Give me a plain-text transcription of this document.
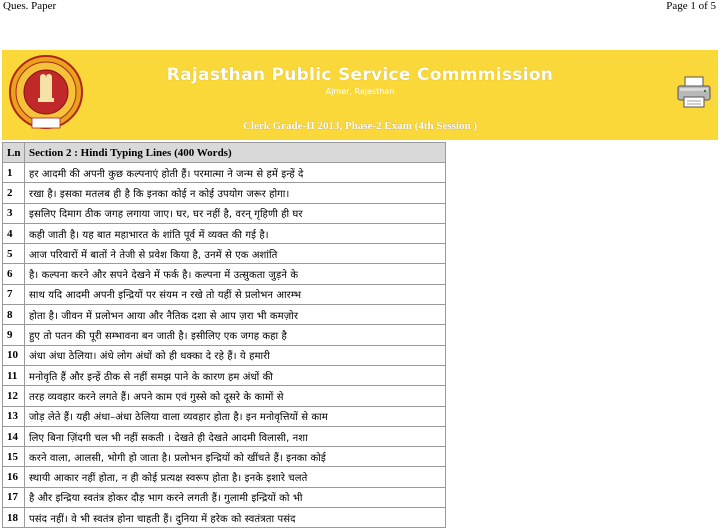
Ques. Paper	Page 1 of 5
Rajasthan Public Service Commmission
Ajmer, Rajasthan
Clerk Grade-II 2013, Phase-2 Exam (4th Session )
Ln	Section 2 : Hindi Typing Lines (400 Words)
1	हर आदमी की अपनी कुछ कल्पनाएं होती हैं। परमात्मा ने जन्म से हमें इन्हें दे
2	रखा है। इसका मतलब ही है कि इनका कोई न कोई उपयोग जरूर होगा।
3	इसलिए दिमाग ठीक जगह लगाया जाए। घर, घर नहीं है, वरन् गृहिणी ही घर
4	कही जाती है। यह बात महाभारत के शांति पूर्व में व्यक्त की गई है।
5	आज परिवारों में बातों ने तेजी से प्रवेश किया है, उनमें से एक अशांति
6	है। कल्पना करने और सपने देखने में फर्क है। कल्पना में उत्सुकता जुड़ने के
7	साथ यदि आदमी अपनी इन्द्रियों पर संयम न रखे तो यहीं से प्रलोभन आरम्भ
8	होता है। जीवन में प्रलोभन आया और नैतिक दशा से आप ज़रा भी कमज़ोर
9	हुए तो पतन की पूरी सम्भावना बन जाती है। इसीलिए एक जगह कहा है
10	अंधा अंधा ठेलिया। अंधे लोग अंधों को ही धक्का दे रहे हैं। ये हमारी
11	मनोवृति हैं और इन्हें ठीक से नहीं समझ पाने के कारण हम अंधों की
12	तरह व्यवहार करने लगते हैं। अपने काम एवं गुस्से को दूसरे के कामों से
13	जोड़ लेते हैं। यही अंधा–अंधा ठेलिया वाला व्यवहार होता है। इन मनोवृत्तियों से काम
14	लिए बिना ज़िंदगी चल भी नहीं सकती । देखते ही देखते आदमी विलासी, नशा
15	करने वाला, आलसी, भोगी हो जाता है। प्रलोभन इन्द्रियों को खींचते हैं। इनका कोई
16	स्थायी आकार नहीं होता, न ही कोई प्रत्यक्ष स्वरूप होता है। इनके इशारे चलते
17	है और इन्द्रिया स्वतंत्र होकर दौड़ भाग करने लगती हैं। गुलामी इन्द्रियों को भी
18	पसंद नहीं। वे भी स्वतंत्र होना चाहती हैं। दुनिया में हरेक को स्वतंत्रता पसंद
